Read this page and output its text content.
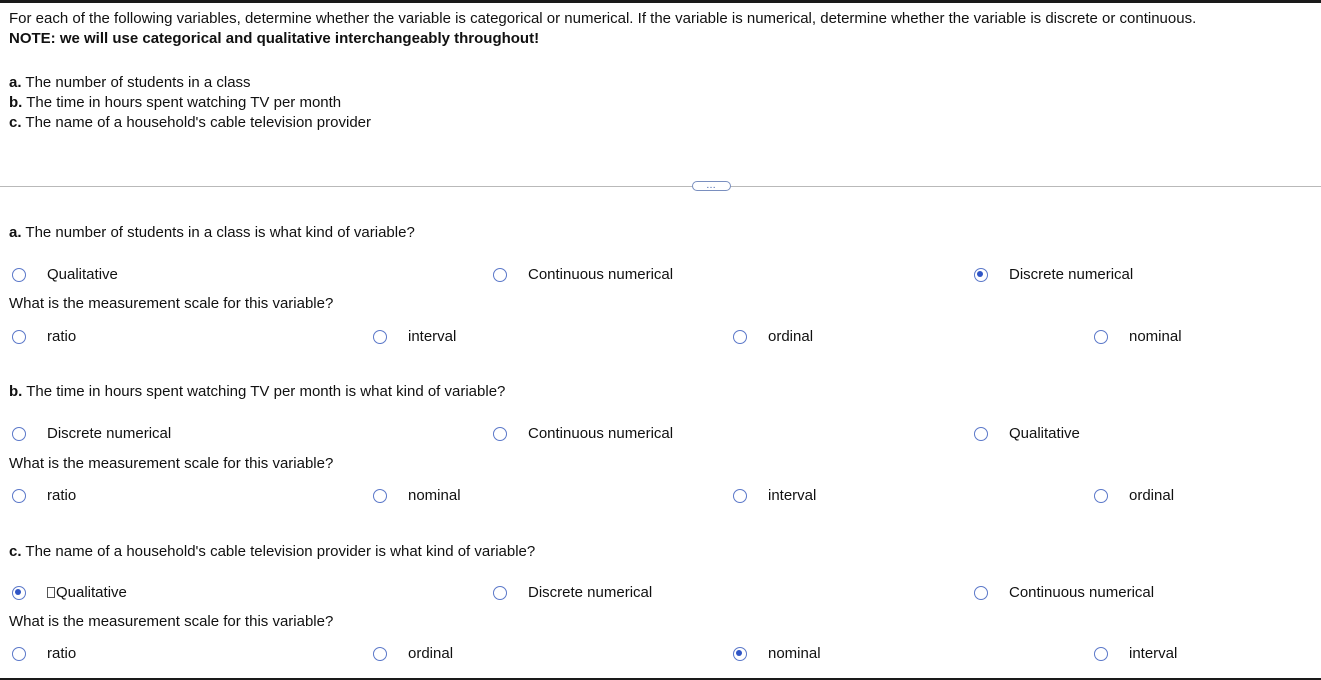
For each of the following variables, determine whether the variable is categorical or numerical. If the variable is numerical, determine whether the variable is discrete or continuous.
NOTE: we will use categorical and qualitative interchangeably throughout!
a. The number of students in a class
b. The time in hours spent watching TV per month
c. The name of a household's cable television provider
…
a. The number of students in a class is what kind of variable?
Qualitative	Continuous numerical	Discrete numerical
What is the measurement scale for this variable?
ratio	interval	ordinal	nominal
b. The time in hours spent watching TV per month is what kind of variable?
Discrete numerical	Continuous numerical	Qualitative
What is the measurement scale for this variable?
ratio	nominal	interval	ordinal
c. The name of a household's cable television provider is what kind of variable?
Qualitative	Discrete numerical	Continuous numerical
What is the measurement scale for this variable?
ratio	ordinal	nominal	interval
